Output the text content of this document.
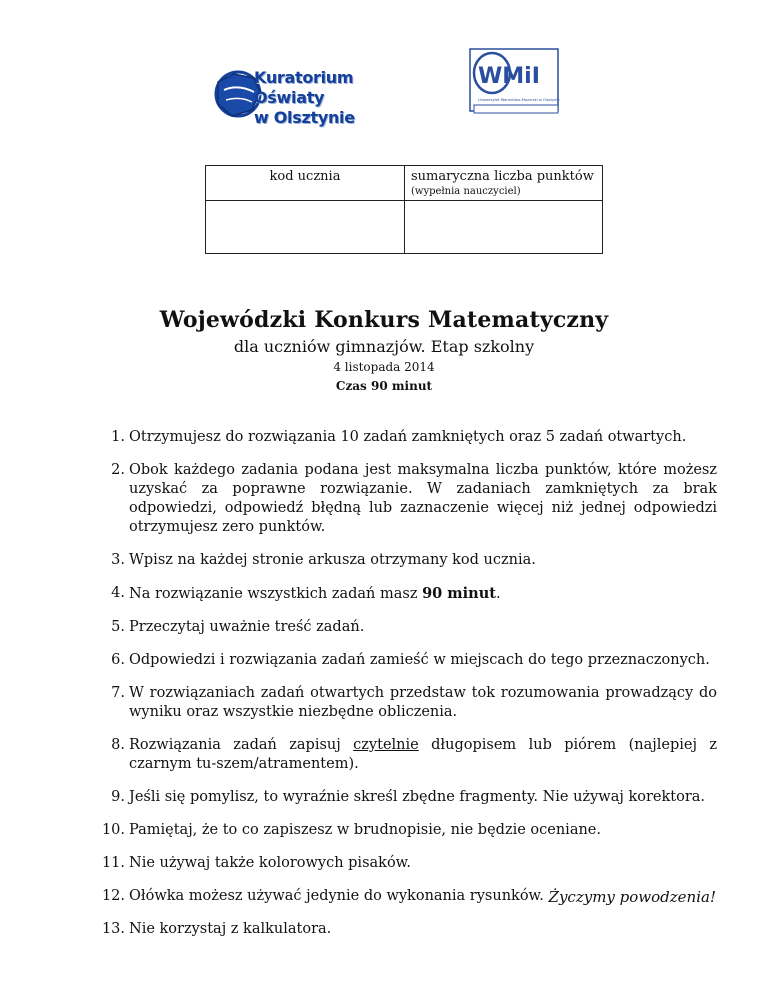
Kuratorium Oświaty
w Olsztynie
WMiI
Uniwersytet Warmińsko-Mazurski w Olsztynie
kod ucznia	sumaryczna liczba punktów
(wypełnia nauczyciel)

Wojewódzki Konkurs Matematyczny
dla uczniów gimnazjów. Etap szkolny
4 listopada 2014
Czas 90 minut
1. Otrzymujesz do rozwiązania 10 zadań zamkniętych oraz 5 zadań otwartych.
2. Obok każdego zadania podana jest maksymalna liczba punktów, które możesz uzyskać za poprawne rozwiązanie. W zadaniach zamkniętych za brak odpowiedzi, odpowiedź błędną lub zaznaczenie więcej niż jednej odpowiedzi otrzymujesz zero punktów.
3. Wpisz na każdej stronie arkusza otrzymany kod ucznia.
4. Na rozwiązanie wszystkich zadań masz 90 minut.
5. Przeczytaj uważnie treść zadań.
6. Odpowiedzi i rozwiązania zadań zamieść w miejscach do tego przeznaczonych.
7. W rozwiązaniach zadań otwartych przedstaw tok rozumowania prowadzący do wyniku oraz wszystkie niezbędne obliczenia.
8. Rozwiązania zadań zapisuj czytelnie długopisem lub piórem (najlepiej z czarnym tu-szem/atramentem).
9. Jeśli się pomylisz, to wyraźnie skreśl zbędne fragmenty. Nie używaj korektora.
10. Pamiętaj, że to co zapiszesz w brudnopisie, nie będzie oceniane.
11. Nie używaj także kolorowych pisaków.
12. Ołówka możesz używać jedynie do wykonania rysunków.
13. Nie korzystaj z kalkulatora.
Życzymy powodzenia!
